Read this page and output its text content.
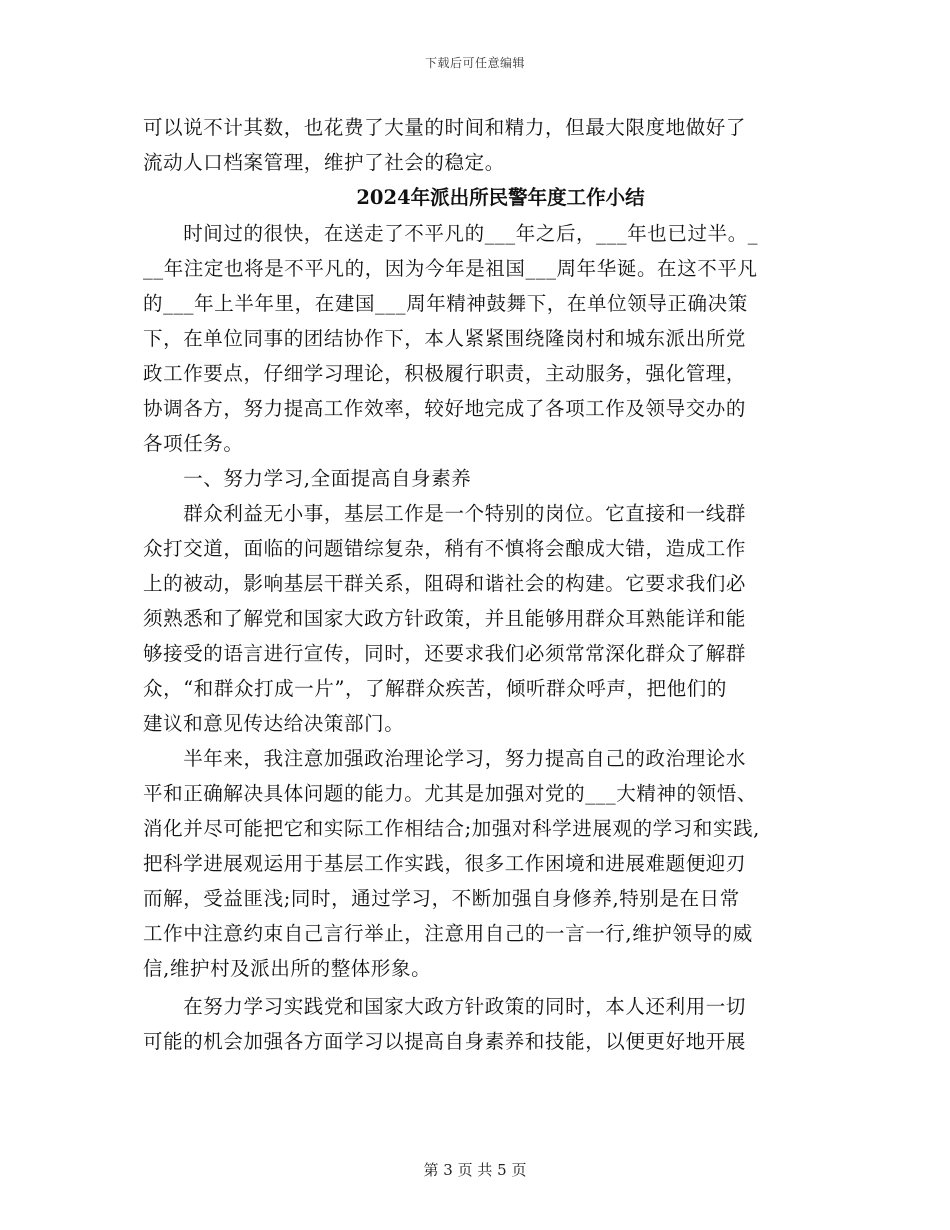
下载后可任意编辑
可以说不计其数，也花费了大量的时间和精力，但最大限度地做好了
流动人口档案管理，维护了社会的稳定。
2024年派出所民警年度工作小结
　　时间过的很快，在送走了不平凡的___年之后，___年也已过半。_
__年注定也将是不平凡的，因为今年是祖国___周年华诞。在这不平凡
的___年上半年里，在建国___周年精神鼓舞下，在单位领导正确决策
下，在单位同事的团结协作下，本人紧紧围绕隆岗村和城东派出所党
政工作要点，仔细学习理论，积极履行职责，主动服务，强化管理，
协调各方，努力提高工作效率，较好地完成了各项工作及领导交办的
各项任务。
　　一、努力学习,全面提高自身素养
　　群众利益无小事，基层工作是一个特别的岗位。它直接和一线群
众打交道，面临的问题错综复杂，稍有不慎将会酿成大错，造成工作
上的被动，影响基层干群关系，阻碍和谐社会的构建。它要求我们必
须熟悉和了解党和国家大政方针政策，并且能够用群众耳熟能详和能
够接受的语言进行宣传，同时，还要求我们必须常常深化群众了解群
众，“和群众打成一片”，了解群众疾苦，倾听群众呼声，把他们的
建议和意见传达给决策部门。
　　半年来，我注意加强政治理论学习，努力提高自己的政治理论水
平和正确解决具体问题的能力。尤其是加强对党的___大精神的领悟、
消化并尽可能把它和实际工作相结合;加强对科学进展观的学习和实践,
把科学进展观运用于基层工作实践，很多工作困境和进展难题便迎刃
而解，受益匪浅;同时，通过学习，不断加强自身修养,特别是在日常
工作中注意约束自己言行举止，注意用自己的一言一行,维护领导的威
信,维护村及派出所的整体形象。
　　在努力学习实践党和国家大政方针政策的同时，本人还利用一切
可能的机会加强各方面学习以提高自身素养和技能，以便更好地开展
第 3 页 共 5 页
